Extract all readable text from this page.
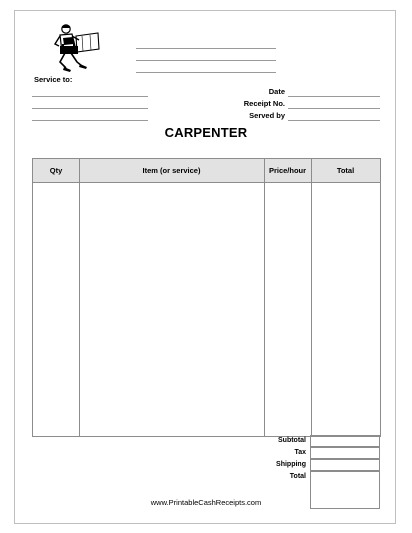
Service to:
Date
Receipt No.
Served by
CARPENTER
Qty	Item (or service)	Price/hour	Total
Subtotal
Tax
Shipping
Total
www.PrintableCashReceipts.com
